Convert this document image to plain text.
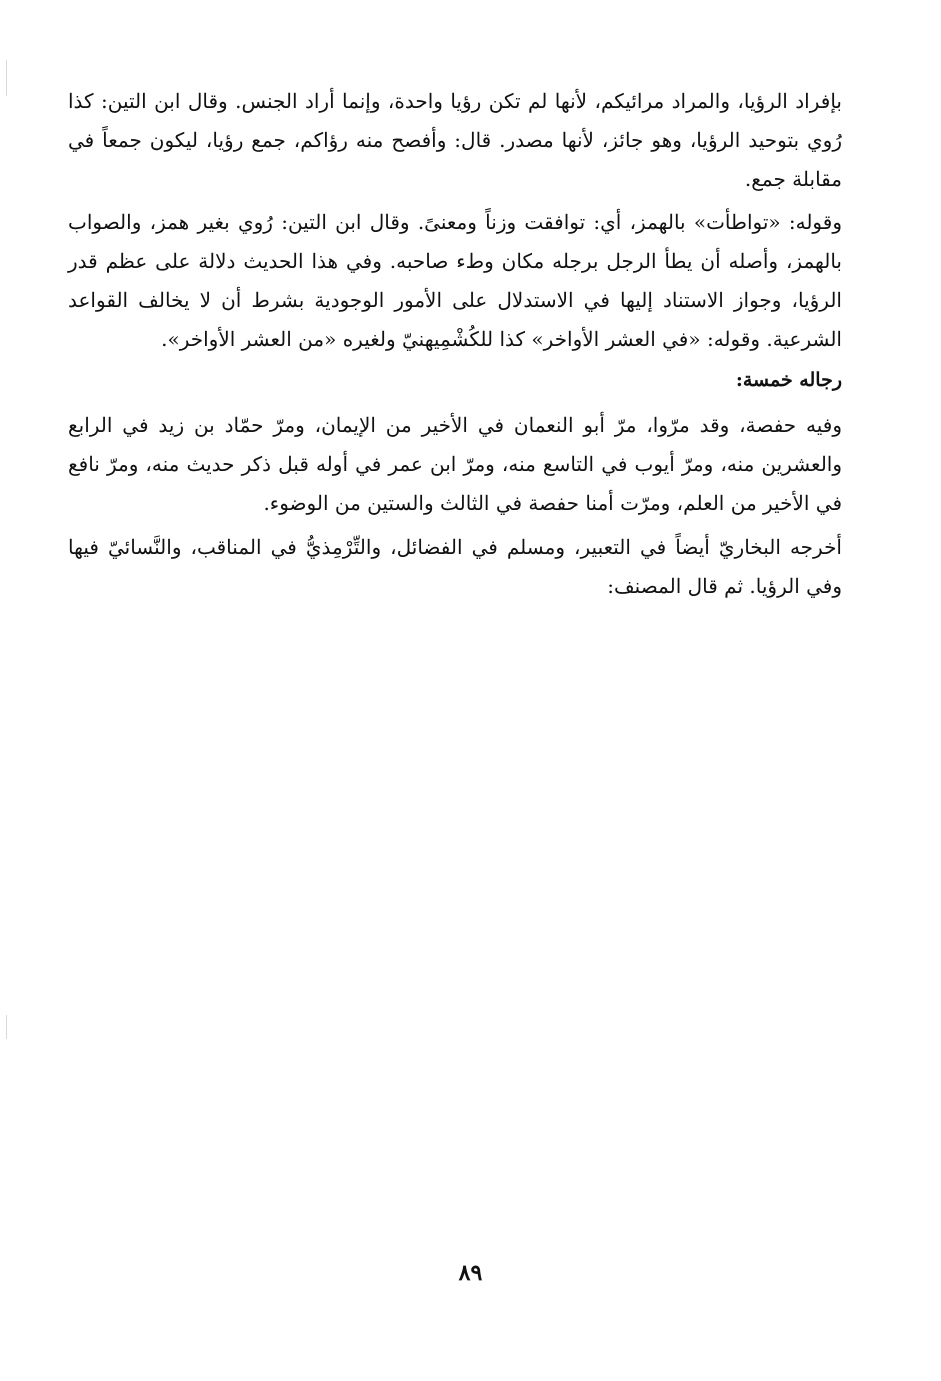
بإفراد الرؤيا، والمراد مرائيكم، لأنها لم تكن رؤيا واحدة، وإنما أراد الجنس. وقال ابن التين: كذا رُوي بتوحيد الرؤيا، وهو جائز، لأنها مصدر. قال: وأفصح منه رؤاكم، جمع رؤيا، ليكون جمعاً في مقابلة جمع.

وقوله: «تواطأت» بالهمز، أي: توافقت وزناً ومعنىً. وقال ابن التين: رُوي بغير همز، والصواب بالهمز، وأصله أن يطأ الرجل برجله مكان وطء صاحبه. وفي هذا الحديث دلالة على عظم قدر الرؤيا، وجواز الاستناد إليها في الاستدلال على الأمور الوجودية بشرط أن لا يخالف القواعد الشرعية. وقوله: «في العشر الأواخر» كذا للكُشْمِيهنيّ ولغيره «من العشر الأواخر».

رجاله خمسة:

وفيه حفصة، وقد مرّوا، مرّ أبو النعمان في الأخير من الإيمان، ومرّ حمّاد بن زيد في الرابع والعشرين منه، ومرّ أيوب في التاسع منه، ومرّ ابن عمر في أوله قبل ذكر حديث منه، ومرّ نافع في الأخير من العلم، ومرّت أمنا حفصة في الثالث والستين من الوضوء.

أخرجه البخاريّ أيضاً في التعبير، ومسلم في الفضائل، والتِّرْمِذيُّ في المناقب، والنَّسائيّ فيها وفي الرؤيا. ثم قال المصنف:

٨٩
